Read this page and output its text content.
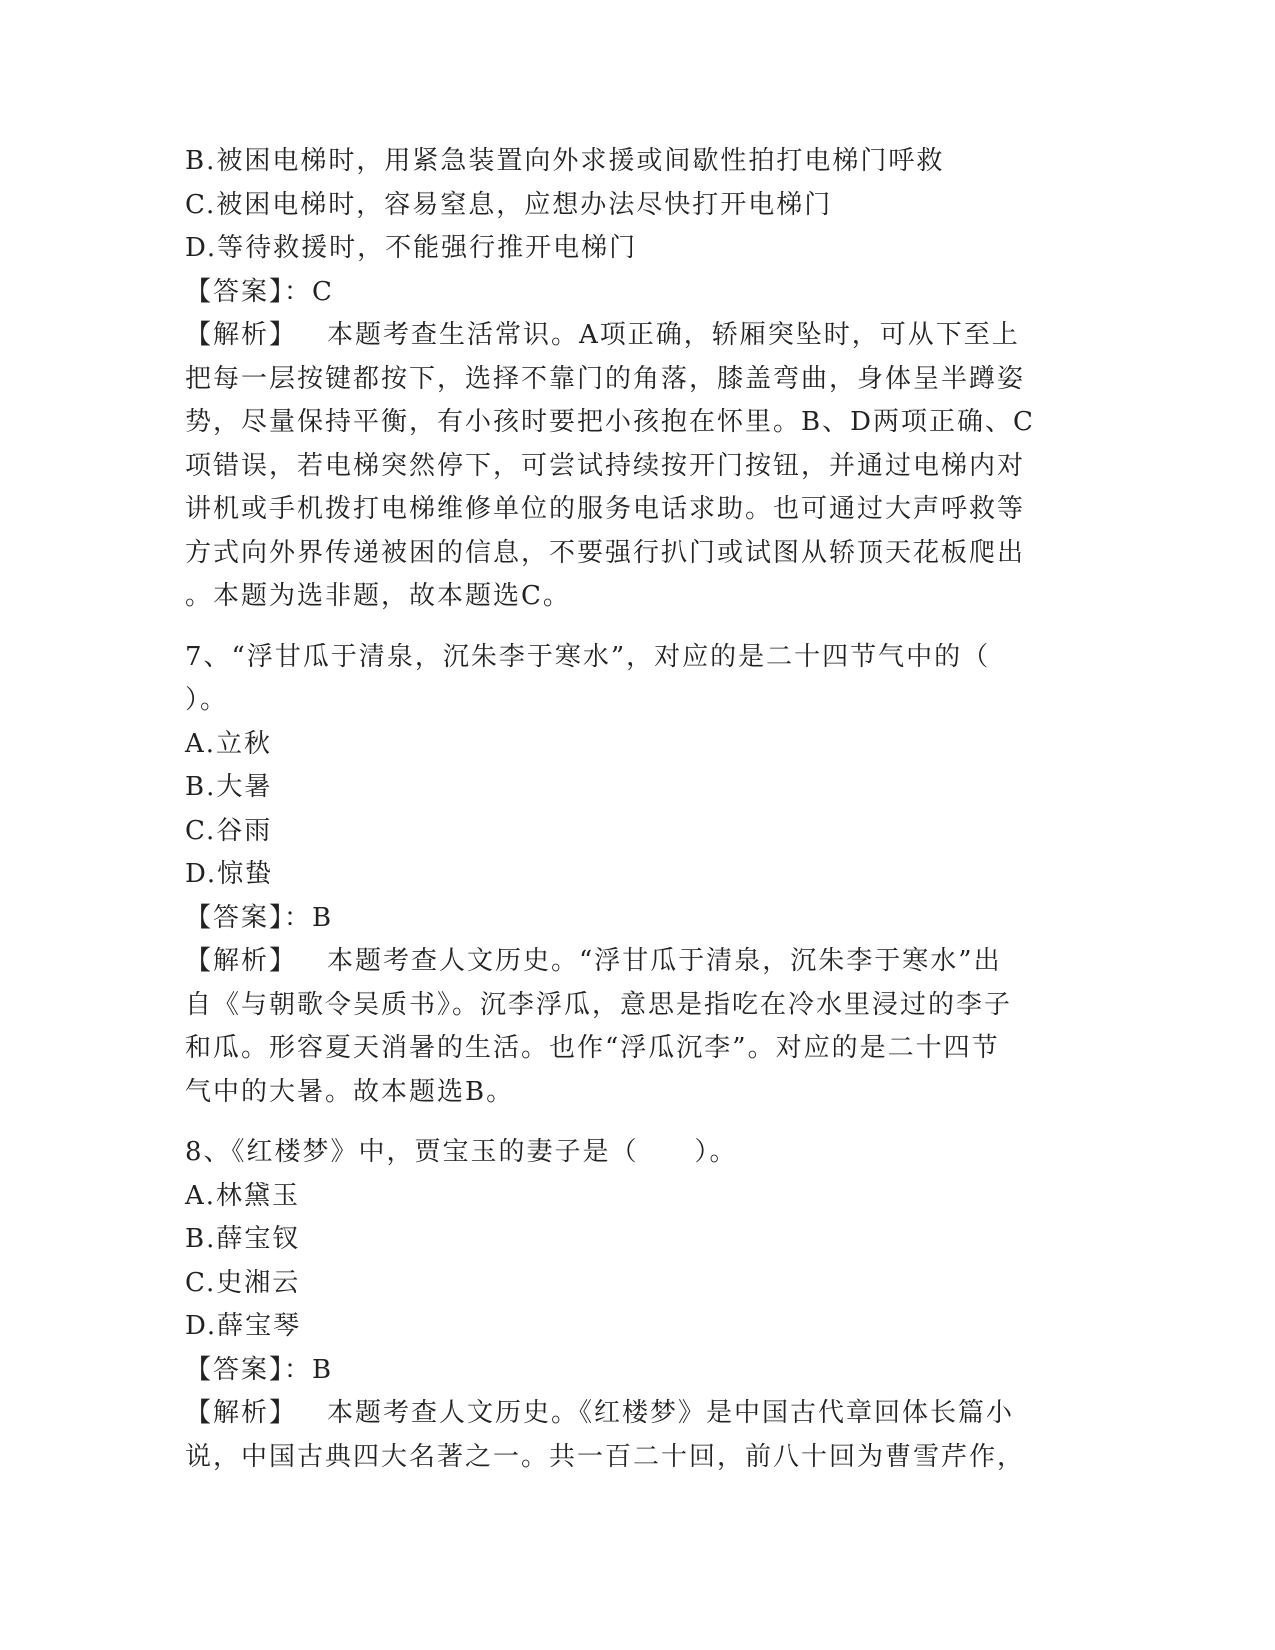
B.被困电梯时，用紧急装置向外求援或间歇性拍打电梯门呼救
C.被困电梯时，容易窒息，应想办法尽快打开电梯门
D.等待救援时，不能强行推开电梯门
【答案】：C
【解析】 本题考查生活常识。A项正确，轿厢突坠时，可从下至上
把每一层按键都按下，选择不靠门的角落，膝盖弯曲，身体呈半蹲姿
势，尽量保持平衡，有小孩时要把小孩抱在怀里。B、D两项正确、C
项错误，若电梯突然停下，可尝试持续按开门按钮，并通过电梯内对
讲机或手机拨打电梯维修单位的服务电话求助。也可通过大声呼救等
方式向外界传递被困的信息，不要强行扒门或试图从轿顶天花板爬出
。本题为选非题，故本题选C。
7、“浮甘瓜于清泉，沉朱李于寒水”，对应的是二十四节气中的（
）。
A.立秋
B.大暑
C.谷雨
D.惊蛰
【答案】：B
【解析】 本题考查人文历史。“浮甘瓜于清泉，沉朱李于寒水”出
自《与朝歌令吴质书》。沉李浮瓜，意思是指吃在冷水里浸过的李子
和瓜。形容夏天消暑的生活。也作“浮瓜沉李”。对应的是二十四节
气中的大暑。故本题选B。
8、《红楼梦》中，贾宝玉的妻子是（　　）。
A.林黛玉
B.薛宝钗
C.史湘云
D.薛宝琴
【答案】：B
【解析】 本题考查人文历史。《红楼梦》是中国古代章回体长篇小
说，中国古典四大名著之一。共一百二十回，前八十回为曹雪芹作，
